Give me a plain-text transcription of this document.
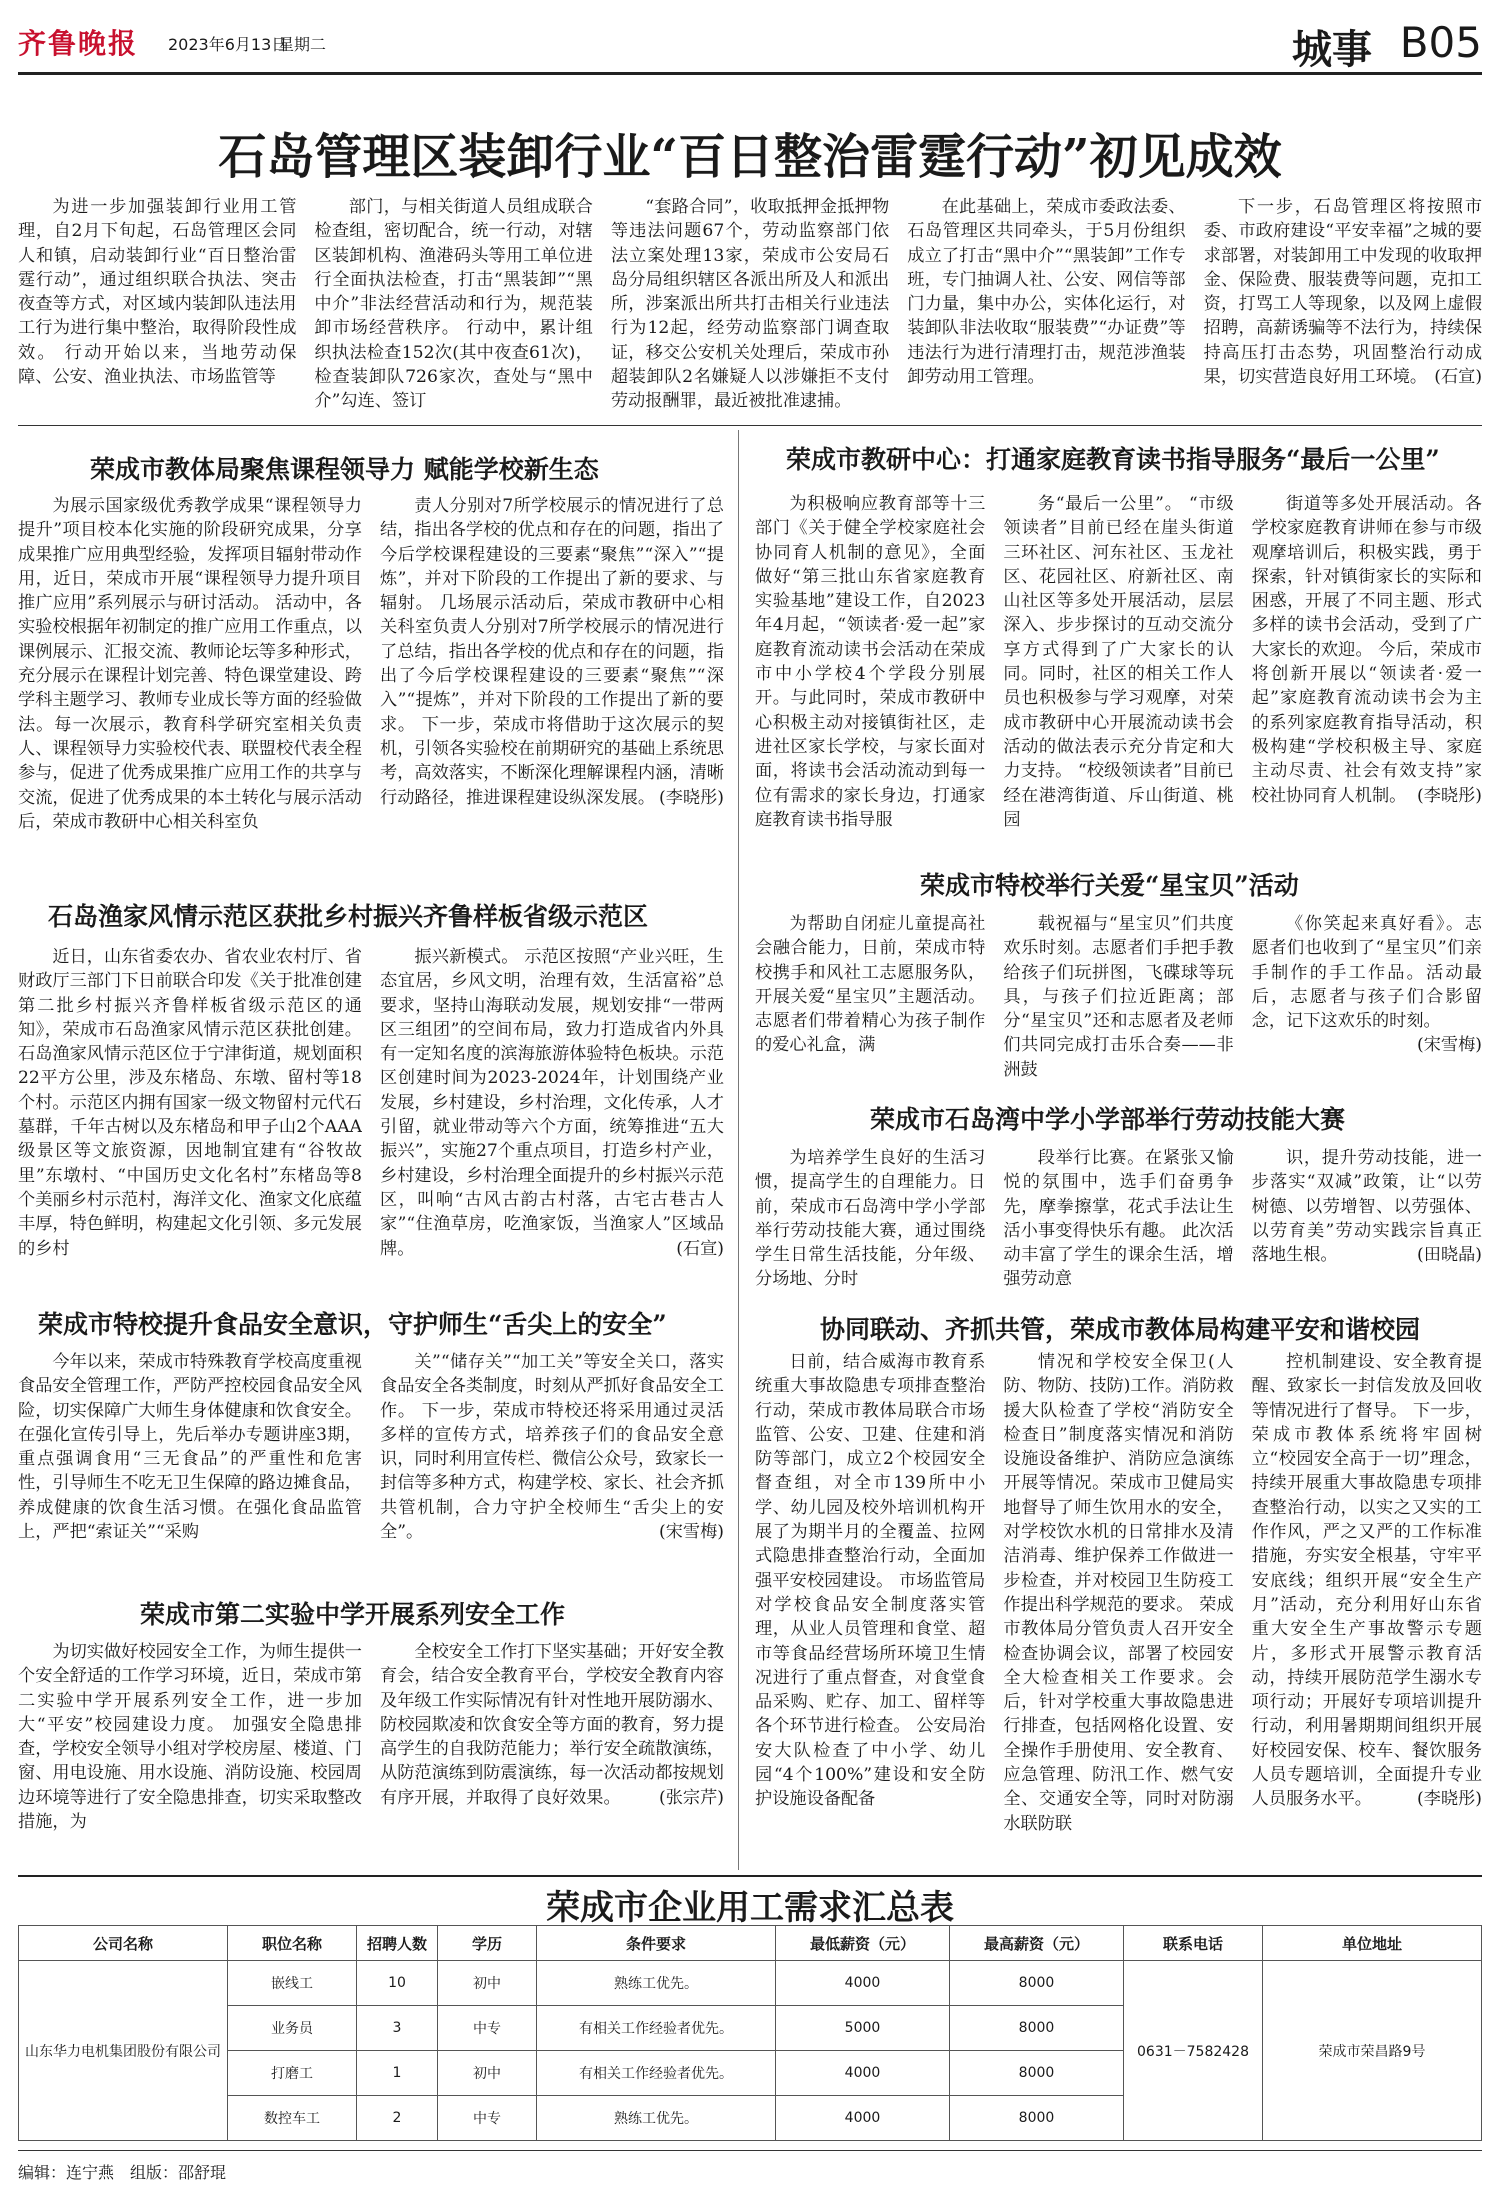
齐鲁晚报 2023年6月13日
星期二	城事 B05
石岛管理区装卸行业“百日整治雷霆行动”初见成效
为进一步加强装卸行业用工管理，自2月下旬起，石岛管理区会同人和镇，启动装卸行业“百日整治雷霆行动”，通过组织联合执法、突击夜查等方式，对区域内装卸队违法用工行为进行集中整治，取得阶段性成效。 行动开始以来，当地劳动保障、公安、渔业执法、市场监管等
部门，与相关街道人员组成联合检查组，密切配合，统一行动，对辖区装卸机构、渔港码头等用工单位进行全面执法检查，打击“黑装卸”“黑中介”非法经营活动和行为，规范装卸市场经营秩序。 行动中，累计组织执法检查152次(其中夜查61次)，检查装卸队726家次，查处与“黑中介”勾连、签订
“套路合同”，收取抵押金抵押物等违法问题67个，劳动监察部门依法立案处理13家，荣成市公安局石岛分局组织辖区各派出所及人和派出所，涉案派出所共打击相关行业违法行为12起，经劳动监察部门调查取证，移交公安机关处理后，荣成市孙超装卸队2名嫌疑人以涉嫌拒不支付劳动报酬罪，最近被批准逮捕。
在此基础上，荣成市委政法委、石岛管理区共同牵头，于5月份组织成立了打击“黑中介”“黑装卸”工作专班，专门抽调人社、公安、网信等部门力量，集中办公，实体化运行，对装卸队非法收取“服装费”“办证费”等违法行为进行清理打击，规范涉渔装卸劳动用工管理。
下一步，石岛管理区将按照市委、市政府建设“平安幸福”之城的要求部署，对装卸用工中发现的收取押金、保险费、服装费等问题，克扣工资，打骂工人等现象，以及网上虚假招聘，高薪诱骗等不法行为，持续保持高压打击态势，巩固整治行动成果，切实营造良好用工环境。 (石宣)
荣成市教体局聚焦课程领导力 赋能学校新生态
为展示国家级优秀教学成果“课程领导力提升”项目校本化实施的阶段研究成果，分享成果推广应用典型经验，发挥项目辐射带动作用，近日，荣成市开展“课程领导力提升项目推广应用”系列展示与研讨活动。 活动中，各实验校根据年初制定的推广应用工作重点，以课例展示、汇报交流、教师论坛等多种形式，充分展示在课程计划完善、特色课堂建设、跨学科主题学习、教师专业成长等方面的经验做法。每一次展示，教育科学研究室相关负责人、课程领导力实验校代表、联盟校代表全程参与，促进了优秀成果推广应用工作的共享与交流，促进了优秀成果的本土转化与展示活动后，荣成市教研中心相关科室负
责人分别对7所学校展示的情况进行了总结，指出各学校的优点和存在的问题，指出了今后学校课程建设的三要素“聚焦”“深入”“提炼”，并对下阶段的工作提出了新的要求、与辐射。 几场展示活动后，荣成市教研中心相关科室负责人分别对7所学校展示的情况进行了总结，指出各学校的优点和存在的问题，指出了今后学校课程建设的三要素“聚焦”“深入”“提炼”，并对下阶段的工作提出了新的要求。 下一步，荣成市将借助于这次展示的契机，引领各实验校在前期研究的基础上系统思考，高效落实，不断深化理解课程内涵，清晰行动路径，推进课程建设纵深发展。 (李晓彤)
石岛渔家风情示范区获批乡村振兴齐鲁样板省级示范区
近日，山东省委农办、省农业农村厅、省财政厅三部门下日前联合印发《关于批准创建第二批乡村振兴齐鲁样板省级示范区的通知》，荣成市石岛渔家风情示范区获批创建。 石岛渔家风情示范区位于宁津街道，规划面积22平方公里，涉及东楮岛、东墩、留村等18个村。示范区内拥有国家一级文物留村元代石墓群，千年古树以及东楮岛和甲子山2个AAA级景区等文旅资源，因地制宜建有“谷牧故里”东墩村、“中国历史文化名村”东楮岛等8个美丽乡村示范村，海洋文化、渔家文化底蕴丰厚，特色鲜明，构建起文化引领、多元发展的乡村
振兴新模式。 示范区按照“产业兴旺，生态宜居，乡风文明，治理有效，生活富裕”总要求，坚持山海联动发展，规划安排“一带两区三组团”的空间布局，致力打造成省内外具有一定知名度的滨海旅游体验特色板块。示范区创建时间为2023-2024年，计划围绕产业发展，乡村建设，乡村治理，文化传承，人才引留，就业带动等六个方面，统筹推进“五大振兴”，实施27个重点项目，打造乡村产业，乡村建设，乡村治理全面提升的乡村振兴示范区，叫响“古风古韵古村落，古宅古巷古人家”“住渔草房，吃渔家饭，当渔家人”区域品牌。	(石宣)
荣成市特校提升食品安全意识，守护师生“舌尖上的安全”
今年以来，荣成市特殊教育学校高度重视食品安全管理工作，严防严控校园食品安全风险，切实保障广大师生身体健康和饮食安全。 在强化宣传引导上，先后举办专题讲座3期，重点强调食用“三无食品”的严重性和危害性，引导师生不吃无卫生保障的路边摊食品，养成健康的饮食生活习惯。在强化食品监管上，严把“索证关”“采购
关”“储存关”“加工关”等安全关口，落实食品安全各类制度，时刻从严抓好食品安全工作。 下一步，荣成市特校还将采用通过灵活多样的宣传方式，培养孩子们的食品安全意识，同时利用宣传栏、微信公众号，致家长一封信等多种方式，构建学校、家长、社会齐抓共管机制，合力守护全校师生“舌尖上的安全”。	(宋雪梅)
荣成市第二实验中学开展系列安全工作
为切实做好校园安全工作，为师生提供一个安全舒适的工作学习环境，近日，荣成市第二实验中学开展系列安全工作，进一步加大“平安”校园建设力度。 加强安全隐患排查，学校安全领导小组对学校房屋、楼道、门窗、用电设施、用水设施、消防设施、校园周边环境等进行了安全隐患排查，切实采取整改措施，为
全校安全工作打下坚实基础；开好安全教育会，结合安全教育平台，学校安全教育内容及年级工作实际情况有针对性地开展防溺水、防校园欺凌和饮食安全等方面的教育，努力提高学生的自我防范能力；举行安全疏散演练，从防范演练到防震演练，每一次活动都按规划有序开展，并取得了良好效果。 (张宗芹)
荣成市教研中心：打通家庭教育读书指导服务“最后一公里”
为积极响应教育部等十三部门《关于健全学校家庭社会协同育人机制的意见》，全面做好“第三批山东省家庭教育实验基地”建设工作，自2023年4月起，“领读者·爱一起”家庭教育流动读书会活动在荣成市中小学校4个学段分别展开。与此同时，荣成市教研中心积极主动对接镇街社区，走进社区家长学校，与家长面对面，将读书会活动流动到每一位有需求的家长身边，打通家庭教育读书指导服
务“最后一公里”。 “市级领读者”目前已经在崖头街道三环社区、河东社区、玉龙社区、花园社区、府新社区、南山社区等多处开展活动，层层深入、步步探讨的互动交流分享方式得到了广大家长的认同。同时，社区的相关工作人员也积极参与学习观摩，对荣成市教研中心开展流动读书会活动的做法表示充分肯定和大力支持。 “校级领读者”目前已经在港湾街道、斥山街道、桃园
街道等多处开展活动。各学校家庭教育讲师在参与市级观摩培训后，积极实践，勇于探索，针对镇街家长的实际和困惑，开展了不同主题、形式多样的读书会活动，受到了广大家长的欢迎。 今后，荣成市将创新开展以“领读者·爱一起”家庭教育流动读书会为主的系列家庭教育指导活动，积极构建“学校积极主导、家庭主动尽责、社会有效支持”家校社协同育人机制。 (李晓彤)
荣成市特校举行关爱“星宝贝”活动
为帮助自闭症儿童提高社会融合能力，日前，荣成市特校携手和风社工志愿服务队，开展关爱“星宝贝”主题活动。 志愿者们带着精心为孩子制作的爱心礼盒，满
载祝福与“星宝贝”们共度欢乐时刻。志愿者们手把手教给孩子们玩拼图，飞碟球等玩具，与孩子们拉近距离；部分“星宝贝”还和志愿者及老师们共同完成打击乐合奏——非洲鼓
《你笑起来真好看》。志愿者们也收到了“星宝贝”们亲手制作的手工作品。活动最后，志愿者与孩子们合影留念，记下这欢乐的时刻。
(宋雪梅)
荣成市石岛湾中学小学部举行劳动技能大赛
为培养学生良好的生活习惯，提高学生的自理能力。日前，荣成市石岛湾中学小学部举行劳动技能大赛，通过围绕学生日常生活技能，分年级、分场地、分时
段举行比赛。在紧张又愉悦的氛围中，选手们奋勇争先，摩拳擦掌，花式手法让生活小事变得快乐有趣。 此次活动丰富了学生的课余生活，增强劳动意
识，提升劳动技能，进一步落实“双减”政策，让“以劳树德、以劳增智、以劳强体、以劳育美”劳动实践宗旨真正落地生根。	(田晓晶)
协同联动、齐抓共管，荣成市教体局构建平安和谐校园
日前，结合威海市教育系统重大事故隐患专项排查整治行动，荣成市教体局联合市场监管、公安、卫建、住建和消防等部门，成立2个校园安全督查组，对全市139所中小学、幼儿园及校外培训机构开展了为期半月的全覆盖、拉网式隐患排查整治行动，全面加强平安校园建设。 市场监管局对学校食品安全制度落实管理，从业人员管理和食堂、超市等食品经营场所环境卫生情况进行了重点督查，对食堂食品采购、贮存、加工、留样等各个环节进行检查。 公安局治安大队检查了中小学、幼儿园“4个100%”建设和安全防护设施设备配备
情况和学校安全保卫(人防、物防、技防)工作。消防救援大队检查了学校“消防安全检查日”制度落实情况和消防设施设备维护、消防应急演练开展等情况。荣成市卫健局实地督导了师生饮用水的安全，对学校饮水机的日常排水及清洁消毒、维护保养工作做进一步检查，并对校园卫生防疫工作提出科学规范的要求。 荣成市教体局分管负责人召开安全检查协调会议，部署了校园安全大检查相关工作要求。会后，针对学校重大事故隐患进行排查，包括网格化设置、安全操作手册使用、安全教育、应急管理、防汛工作、燃气安全、交通安全等，同时对防溺水联防联
控机制建设、安全教育提醒、致家长一封信发放及回收等情况进行了督导。 下一步，荣成市教体系统将牢固树立“校园安全高于一切”理念，持续开展重大事故隐患专项排查整治行动，以实之又实的工作作风，严之又严的工作标准措施，夯实安全根基，守牢平安底线；组织开展“安全生产月”活动，充分利用好山东省重大安全生产事故警示专题片，多形式开展警示教育活动，持续开展防范学生溺水专项行动；开展好专项培训提升行动，利用暑期期间组织开展好校园安保、校车、餐饮服务人员专题培训，全面提升专业人员服务水平。	(李晓彤)
荣成市企业用工需求汇总表
公司名称	职位名称	招聘人数	学历	条件要求	最低薪资（元）	最高薪资（元）	联系电话	单位地址
山东华力电机集团股份有限公司	嵌线工	10	初中	熟练工优先。	4000	8000	0631－7582428	荣成市荣昌路9号
	业务员	3	中专	有相关工作经验者优先。	5000	8000		
	打磨工	1	初中	有相关工作经验者优先。	4000	8000		
	数控车工	2	中专	熟练工优先。	4000	8000		
编辑：连宁燕　组版：邵舒琨
